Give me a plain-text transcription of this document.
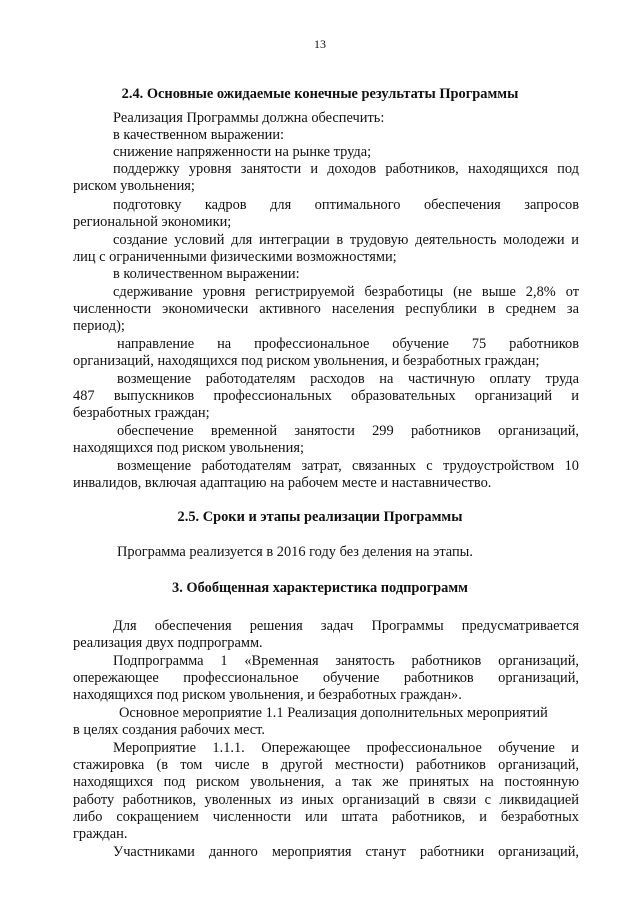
13
2.4. Основные ожидаемые конечные результаты Программы
Реализация Программы должна обеспечить:
в качественном выражении:
снижение напряженности на рынке труда;
поддержку уровня занятости и доходов работников, находящихся под
риском увольнения;
подготовку кадров для оптимального обеспечения запросов
региональной экономики;
создание условий для интеграции в трудовую деятельность молодежи и
лиц с ограниченными физическими возможностями;
в количественном выражении:
сдерживание уровня регистрируемой безработицы (не выше 2,8% от
численности экономически активного населения республики в среднем за
период);
направление на профессиональное обучение 75 работников
организаций, находящихся под риском увольнения, и безработных граждан;
возмещение работодателям расходов на частичную оплату труда
487 выпускников профессиональных образовательных организаций и
безработных граждан;
обеспечение временной занятости 299 работников организаций,
находящихся под риском увольнения;
возмещение работодателям затрат, связанных с трудоустройством 10
инвалидов, включая адаптацию на рабочем месте и наставничество.
2.5. Сроки и этапы реализации Программы
Программа реализуется в 2016 году без деления на этапы.
3. Обобщенная характеристика подпрограмм
Для обеспечения решения задач Программы предусматривается
реализация двух подпрограмм.
Подпрограмма 1 «Временная занятость работников организаций,
опережающее профессиональное обучение работников организаций,
находящихся под риском увольнения, и безработных граждан».
Основное мероприятие 1.1 Реализация дополнительных мероприятий
в целях создания рабочих мест.
Мероприятие 1.1.1. Опережающее профессиональное обучение и
стажировка (в том числе в другой местности) работников организаций,
находящихся под риском увольнения, а так же принятых на постоянную
работу работников, уволенных из иных организаций в связи с ликвидацией
либо сокращением численности или штата работников, и безработных
граждан.
Участниками данного мероприятия станут работники организаций,
